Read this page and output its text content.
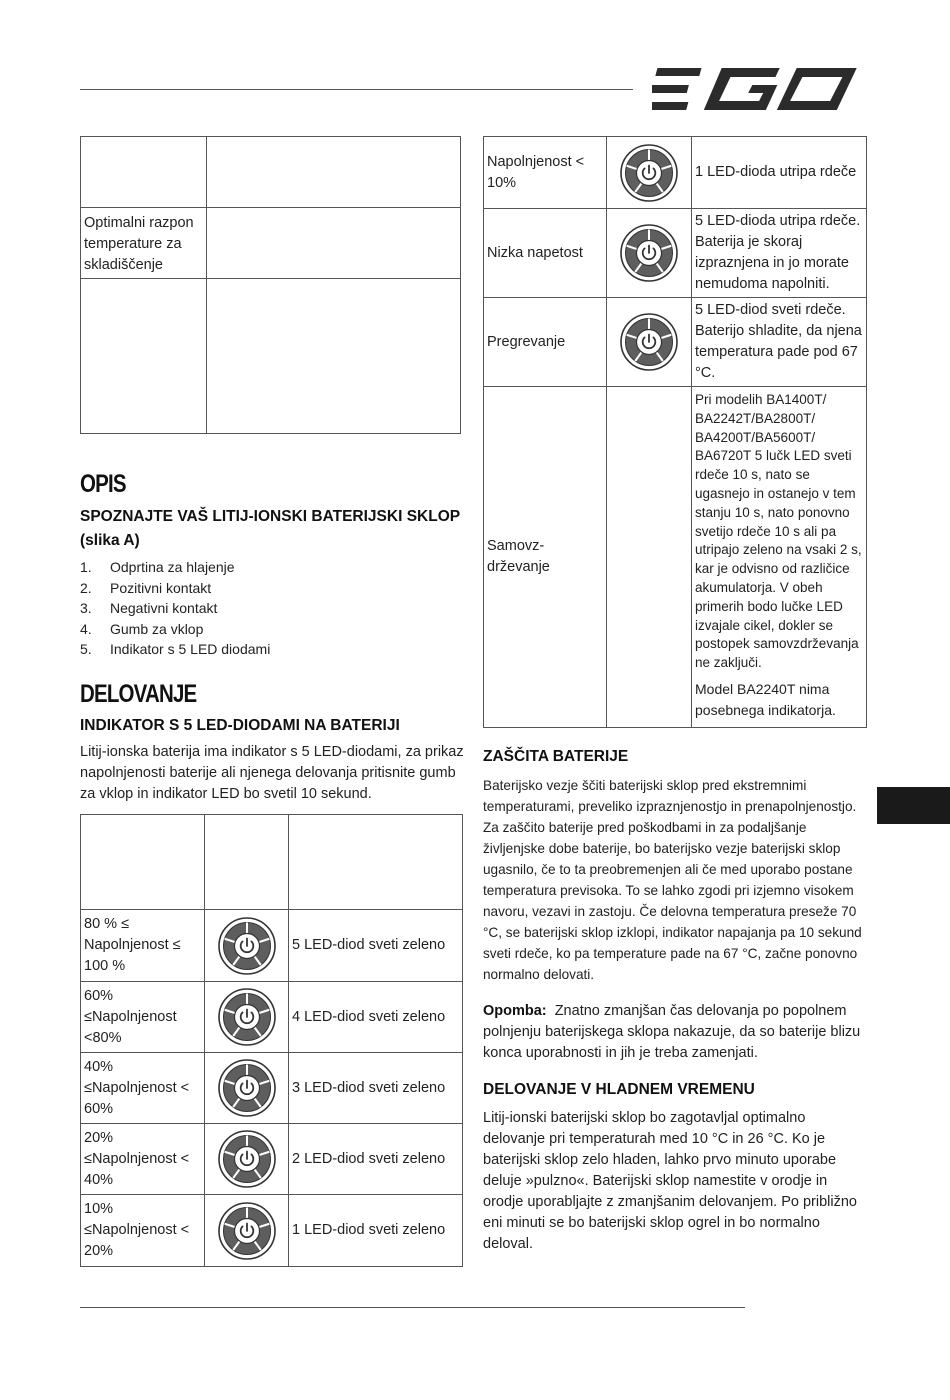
Optimalni razpon temperature za skladiščenje	

OPIS
SPOZNAJTE VAŠ LITIJ-IONSKI BATERIJSKI SKLOP (slika A)
1. Odprtina za hlajenje
2. Pozitivni kontakt
3. Negativni kontakt
4. Gumb za vklop
5. Indikator s 5 LED diodami
DELOVANJE
INDIKATOR S 5 LED-DIODAMI NA BATERIJI

Litij-ionska baterija ima indikator s 5 LED-diodami, za prikaz napolnjenosti baterije ali njenega delovanja pritisnite gumb za vklop in indikator LED bo svetil 10 sekund.

80 % ≤ Napolnjenost ≤ 100 %		5 LED-diod sveti zeleno
60% ≤Napolnjenost <80%		4 LED-diod sveti zeleno
40% ≤Napolnjenost < 60%		3 LED-diod sveti zeleno
20% ≤Napolnjenost < 40%		2 LED-diod sveti zeleno
10% ≤Napolnjenost < 20%		1 LED-diod sveti zeleno
Napolnjenost < 10%		1 LED-dioda utripa rdeče
Nizka napetost		5 LED-dioda utripa rdeče. Baterija je skoraj izpraznjena in jo morate nemudoma napolniti.
Pregrevanje		5 LED-diod sveti rdeče. Baterijo shladite, da njena temperatura pade pod 67 °C.
Samovz-drževanje		Pri modelih BA1400T/ BA2242T/BA2800T/ BA4200T/BA5600T/ BA6720T 5 lučk LED sveti rdeče 10 s, nato se ugasnejo in ostanejo v tem stanju 10 s, nato ponovno svetijo rdeče 10 s ali pa utripajo zeleno na vsaki 2 s, kar je odvisno od različice akumulatorja. V obeh primerih bodo lučke LED izvajale cikel, dokler se postopek samovzdrževanja ne zaključi.
Model BA2240T nima posebnega indikatorja.
ZAŠČITA BATERIJE

Baterijsko vezje ščiti baterijski sklop pred ekstremnimi temperaturami, preveliko izpraznjenostjo in prenapolnjenostjo. Za zaščito baterije pred poškodbami in za podaljšanje življenjske dobe baterije, bo baterijsko vezje baterijski sklop ugasnilo, če to ta preobremenjen ali če med uporabo postane temperatura previsoka. To se lahko zgodi pri izjemno visokem navoru, vezavi in zastoju. Če delovna temperatura preseže 70 °C, se baterijski sklop izklopi, indikator napajanja pa 10 sekund sveti rdeče, ko pa temperature pade na 67 °C, začne ponovno normalno delovati.

Opomba: Znatno zmanjšan čas delovanja po popolnem polnjenju baterijskega sklopa nakazuje, da so baterije blizu konca uporabnosti in jih je treba zamenjati.

DELOVANJE V HLADNEM VREMENU

Litij-ionski baterijski sklop bo zagotavljal optimalno delovanje pri temperaturah med 10 °C in 26 °C. Ko je baterijski sklop zelo hladen, lahko prvo minuto uporabe deluje »pulzno«. Baterijski sklop namestite v orodje in orodje uporabljajte z zmanjšanim delovanjem. Po približno eni minuti se bo baterijski sklop ogrel in bo normalno deloval.
